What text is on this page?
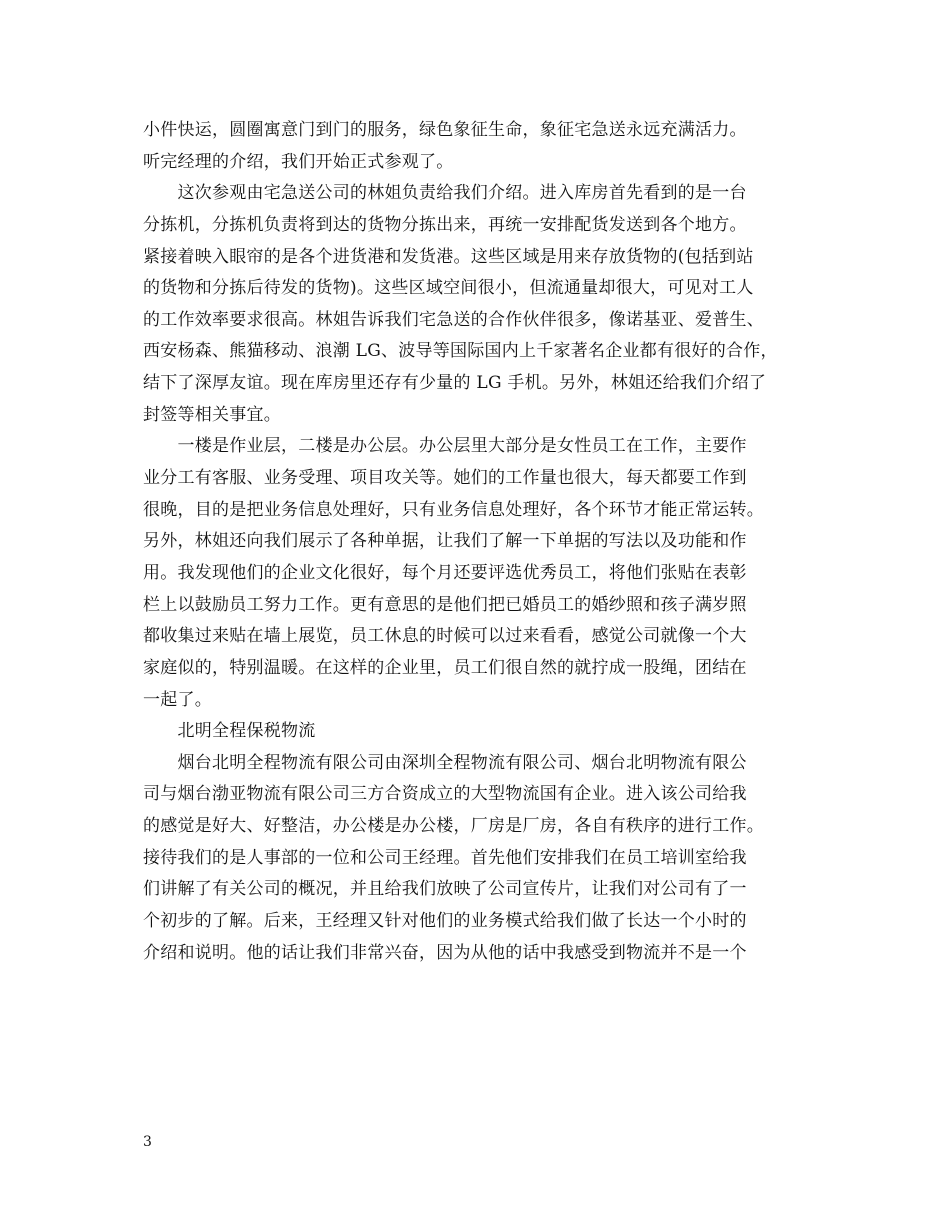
小件快运，圆圈寓意门到门的服务，绿色象征生命，象征宅急送永远充满活力。
听完经理的介绍，我们开始正式参观了。
　　这次参观由宅急送公司的林姐负责给我们介绍。进入库房首先看到的是一台
分拣机，分拣机负责将到达的货物分拣出来，再统一安排配货发送到各个地方。
紧接着映入眼帘的是各个进货港和发货港。这些区域是用来存放货物的(包括到站
的货物和分拣后待发的货物)。这些区域空间很小，但流通量却很大，可见对工人
的工作效率要求很高。林姐告诉我们宅急送的合作伙伴很多，像诺基亚、爱普生、
西安杨森、熊猫移动、浪潮 LG、波导等国际国内上千家著名企业都有很好的合作，
结下了深厚友谊。现在库房里还存有少量的 LG 手机。另外，林姐还给我们介绍了
封签等相关事宜。
　　一楼是作业层，二楼是办公层。办公层里大部分是女性员工在工作，主要作
业分工有客服、业务受理、项目攻关等。她们的工作量也很大，每天都要工作到
很晚，目的是把业务信息处理好，只有业务信息处理好，各个环节才能正常运转。
另外，林姐还向我们展示了各种单据，让我们了解一下单据的写法以及功能和作
用。我发现他们的企业文化很好，每个月还要评选优秀员工，将他们张贴在表彰
栏上以鼓励员工努力工作。更有意思的是他们把已婚员工的婚纱照和孩子满岁照
都收集过来贴在墙上展览，员工休息的时候可以过来看看，感觉公司就像一个大
家庭似的，特别温暖。在这样的企业里，员工们很自然的就拧成一股绳，团结在
一起了。
　　北明全程保税物流
　　烟台北明全程物流有限公司由深圳全程物流有限公司、烟台北明物流有限公
司与烟台渤亚物流有限公司三方合资成立的大型物流国有企业。进入该公司给我
的感觉是好大、好整洁，办公楼是办公楼，厂房是厂房，各自有秩序的进行工作。
接待我们的是人事部的一位和公司王经理。首先他们安排我们在员工培训室给我
们讲解了有关公司的概况，并且给我们放映了公司宣传片，让我们对公司有了一
个初步的了解。后来，王经理又针对他们的业务模式给我们做了长达一个小时的
介绍和说明。他的话让我们非常兴奋，因为从他的话中我感受到物流并不是一个
3
